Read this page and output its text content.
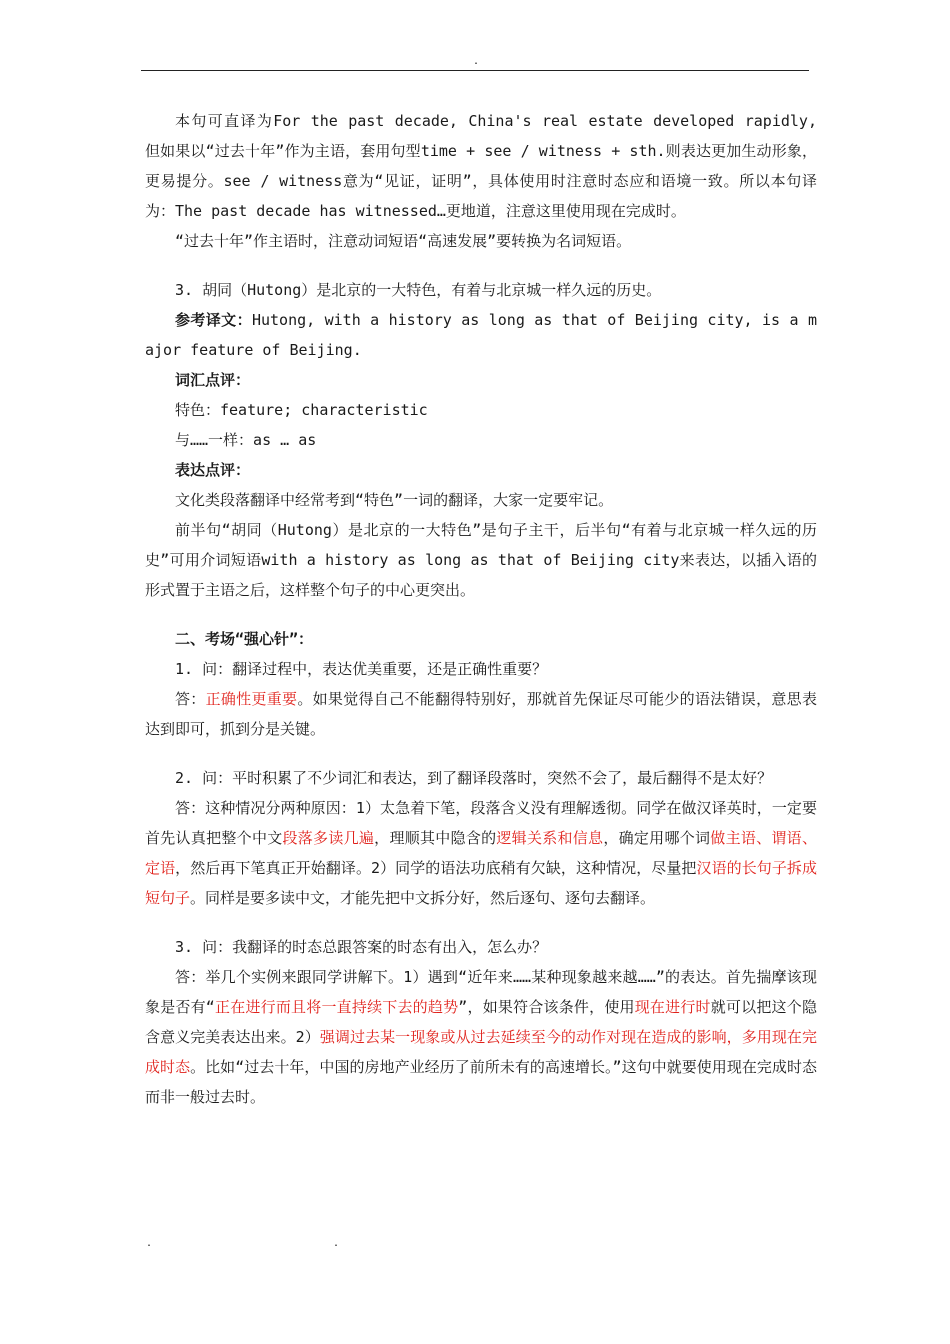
.

本句可直译为For the past decade, China's real estate developed rapidly, 但如果以“过去十年”作为主语，套用句型time + see / witness + sth.则表达更加生动形象，更易提分。see / witness意为“见证，证明”，具体使用时注意时态应和语境一致。所以本句译为：The past decade has witnessed…更地道，注意这里使用现在完成时。

“过去十年”作主语时，注意动词短语“高速发展”要转换为名词短语。

3. 胡同（Hutong）是北京的一大特色，有着与北京城一样久远的历史。

参考译文：Hutong, with a history as long as that of Beijing city, is a major feature of Beijing.

词汇点评：

特色：feature; characteristic

与……一样：as … as

表达点评：

文化类段落翻译中经常考到“特色”一词的翻译，大家一定要牢记。

前半句“胡同（Hutong）是北京的一大特色”是句子主干，后半句“有着与北京城一样久远的历史”可用介词短语with a history as long as that of Beijing city来表达，以插入语的形式置于主语之后，这样整个句子的中心更突出。

二、考场“强心针”：

1. 问：翻译过程中，表达优美重要，还是正确性重要？

答：正确性更重要。如果觉得自己不能翻得特别好，那就首先保证尽可能少的语法错误，意思表达到即可，抓到分是关键。

2. 问：平时积累了不少词汇和表达，到了翻译段落时，突然不会了，最后翻得不是太好？

答：这种情况分两种原因：1）太急着下笔，段落含义没有理解透彻。同学在做汉译英时，一定要首先认真把整个中文段落多读几遍，理顺其中隐含的逻辑关系和信息，确定用哪个词做主语、谓语、定语，然后再下笔真正开始翻译。2）同学的语法功底稍有欠缺，这种情况，尽量把汉语的长句子拆成短句子。同样是要多读中文，才能先把中文拆分好，然后逐句、逐句去翻译。

3. 问：我翻译的时态总跟答案的时态有出入，怎么办？

答：举几个实例来跟同学讲解下。1）遇到“近年来……某种现象越来越……”的表达。首先揣摩该现象是否有“正在进行而且将一直持续下去的趋势”，如果符合该条件，使用现在进行时就可以把这个隐含意义完美表达出来。2）强调过去某一现象或从过去延续至今的动作对现在造成的影响，多用现在完成时态。比如“过去十年，中国的房地产业经历了前所未有的高速增长。”这句中就要使用现在完成时态而非一般过去时。

.	.
